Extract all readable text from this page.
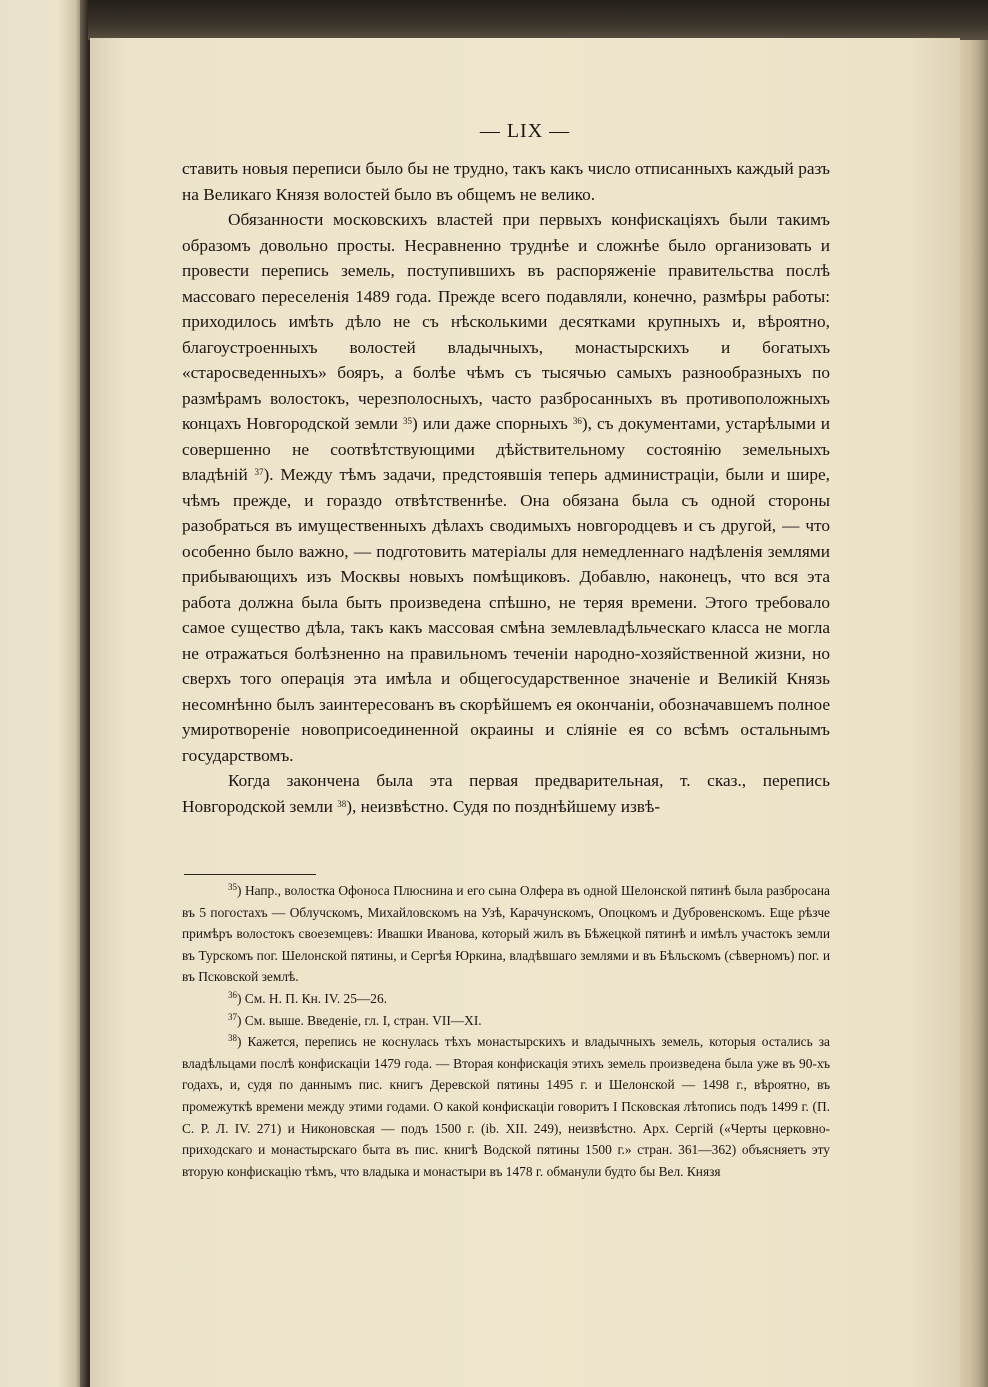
— LIX —

ставить новыя переписи было бы не трудно, такъ какъ число отписанныхъ каждый разъ на Великаго Князя волостей было въ общемъ не велико.

Обязанности московскихъ властей при первыхъ конфискацiяхъ были такимъ образомъ довольно просты. Несравненно труднѣе и сложнѣе было организовать и провести перепись земель, поступившихъ въ распоряженiе правительства послѣ массоваго переселенiя 1489 года. Прежде всего подавляли, конечно, размѣры работы: приходилось имѣть дѣло не съ нѣсколькими десятками крупныхъ и, вѣроятно, благоустроенныхъ волостей владычныхъ, монастырскихъ и богатыхъ «старосведенныхъ» бояръ, а болѣе чѣмъ съ тысячью самыхъ разнообразныхъ по размѣрамъ волостокъ, черезполосныхъ, часто разбросанныхъ въ противоположныхъ концахъ Новгородской земли $^{35}$) или даже спорныхъ $^{36}$), съ документами, устарѣлыми и совершенно не соотвѣтствующими дѣйствительному состоянiю земельныхъ владѣнiй $^{37}$). Между тѣмъ задачи, предстоявшiя теперь администрацiи, были и шире, чѣмъ прежде, и гораздо отвѣтственнѣе. Она обязана была съ одной стороны разобраться въ имущественныхъ дѣлахъ сводимыхъ новгородцевъ и съ другой, — что особенно было важно, — подготовить матерiалы для немедленнаго надѣленiя землями прибывающихъ изъ Москвы новыхъ помѣщиковъ. Добавлю, наконецъ, что вся эта работа должна была быть произведена спѣшно, не теряя времени. Этого требовало самое существо дѣла, такъ какъ массовая смѣна землевладѣльческаго класса не могла не отражаться болѣзненно на правильномъ теченiи народно-хозяйственной жизни, но сверхъ того операцiя эта имѣла и общегосударственное значенiе и Великiй Князь несомнѣнно былъ заинтересованъ въ скорѣйшемъ ея окончанiи, обозначавшемъ полное умиротворенiе новоприсоединенной окраины и слiянiе ея со всѣмъ остальнымъ государствомъ.

Когда закончена была эта первая предварительная, т. сказ., перепись Новгородской земли $^{38}$), неизвѣстно. Судя по позднѣйшему извѣ-

$^{35}$) Напр., волостка Офоноса Плюснина и его сына Олфера въ одной Шелонской пятинѣ была разбросана въ 5 погостахъ — Облучскомъ, Михайловскомъ на Узѣ, Карачунскомъ, Опоцкомъ и Дубровенскомъ. Еще рѣзче примѣръ волостокъ своеземцевъ: Ивашки Иванова, который жилъ въ Бѣжецкой пятинѣ и имѣлъ участокъ земли въ Турскомъ пог. Шелонской пятины, и Сергѣя Юркина, владѣвшаго землями и въ Бѣльскомъ (сѣверномъ) пог. и въ Псковской землѣ.

$^{36}$) См. Н. П. Кн. IV. 25—26.

$^{37}$) См. выше. Введенiе, гл. I, стран. VII—XI.

$^{38}$) Кажется, перепись не коснулась тѣхъ монастырскихъ и владычныхъ земель, которыя остались за владѣльцами послѣ конфискацiи 1479 года. — Вторая конфискацiя этихъ земель произведена была уже въ 90-хъ годахъ, и, судя по даннымъ пис. книгъ Деревской пятины 1495 г. и Шелонской — 1498 г., вѣроятно, въ промежуткѣ времени между этими годами. О какой конфискацiи говоритъ I Псковская лѣтопись подъ 1499 г. (П. С. Р. Л. IV. 271) и Никоновская — подъ 1500 г. (ib. XII. 249), неизвѣстно. Арх. Сергiй («Черты церковно-приходскаго и монастырскаго быта въ пис. книгѣ Водской пятины 1500 г.» стран. 361—362) объясняетъ эту вторую конфискацiю тѣмъ, что владыка и монастыри въ 1478 г. обманули будто бы Вел. Князя
